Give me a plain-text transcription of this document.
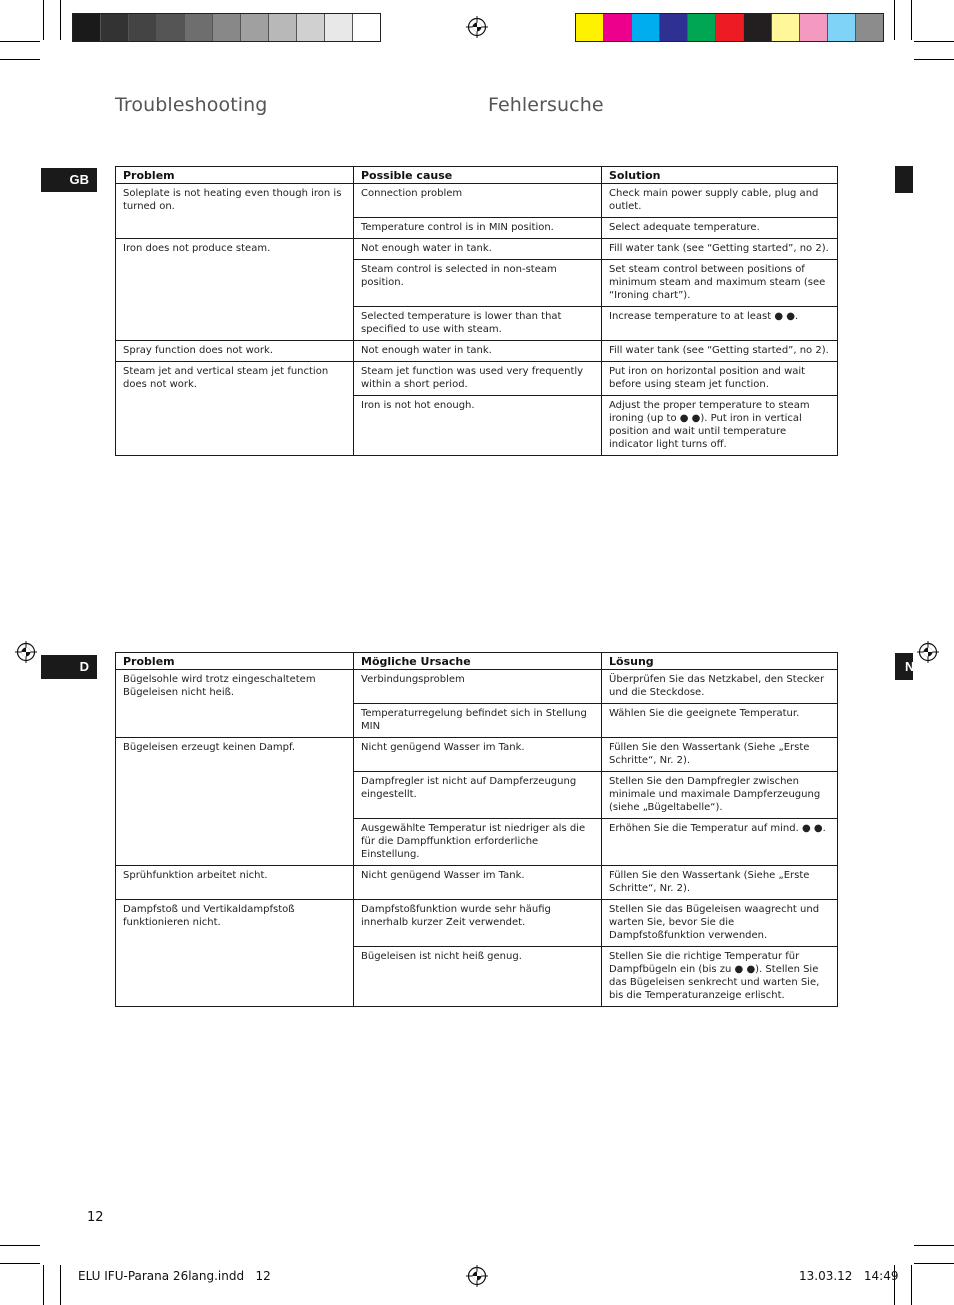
Troubleshooting	Fehlersuche
GB
D	N
Problem	Possible cause	Solution
Soleplate is not heating even though iron is turned on.	Connection problem	Check main power supply cable, plug and outlet.
	Temperature control is in MIN position.	Select adequate temperature.
Iron does not produce steam.	Not enough water in tank.	Fill water tank (see “Getting started”, no 2).
	Steam control is selected in non-steam position.	Set steam control between positions of minimum steam and maximum steam (see “Ironing chart”).
	Selected temperature is lower than that specified to use with steam.	Increase temperature to at least ● ●.
Spray function does not work.	Not enough water in tank.	Fill water tank (see “Getting started”, no 2).
Steam jet and vertical steam jet function does not work.	Steam jet function was used very frequently within a short period.	Put iron on horizontal position and wait before using steam jet function.
	Iron is not hot enough.	Adjust the proper temperature to steam ironing (up to ● ●). Put iron in vertical position and wait until temperature indicator light turns off.
Problem	Mögliche Ursache	Lösung
Bügelsohle wird trotz eingeschaltetem Bügeleisen nicht heiß.	Verbindungsproblem	Überprüfen Sie das Netzkabel, den Stecker und die Steckdose.
	Temperaturregelung befindet sich in Stellung MIN	Wählen Sie die geeignete Temperatur.
Bügeleisen erzeugt keinen Dampf.	Nicht genügend Wasser im Tank.	Füllen Sie den Wassertank (Siehe „Erste Schritte“, Nr. 2).
	Dampfregler ist nicht auf Dampferzeugung eingestellt.	Stellen Sie den Dampfregler zwischen minimale und maximale Dampferzeugung (siehe „Bügeltabelle“).
	Ausgewählte Temperatur ist niedriger als die für die Dampffunktion erforderliche Einstellung.	Erhöhen Sie die Temperatur auf mind. ● ●.
Sprühfunktion arbeitet nicht.	Nicht genügend Wasser im Tank.	Füllen Sie den Wassertank (Siehe „Erste Schritte“, Nr. 2).
Dampfstoß und Vertikaldampfstoß funktionieren nicht.	Dampfstoßfunktion wurde sehr häufig innerhalb kurzer Zeit verwendet.	Stellen Sie das Bügeleisen waagrecht und warten Sie, bevor Sie die Dampfstoßfunktion verwenden.
	Bügeleisen ist nicht heiß genug.	Stellen Sie die richtige Temperatur für Dampfbügeln ein (bis zu ● ●). Stellen Sie das Bügeleisen senkrecht und warten Sie, bis die Temperaturanzeige erlischt.
12
ELU IFU-Parana 26lang.indd   12	13.03.12   14:49
